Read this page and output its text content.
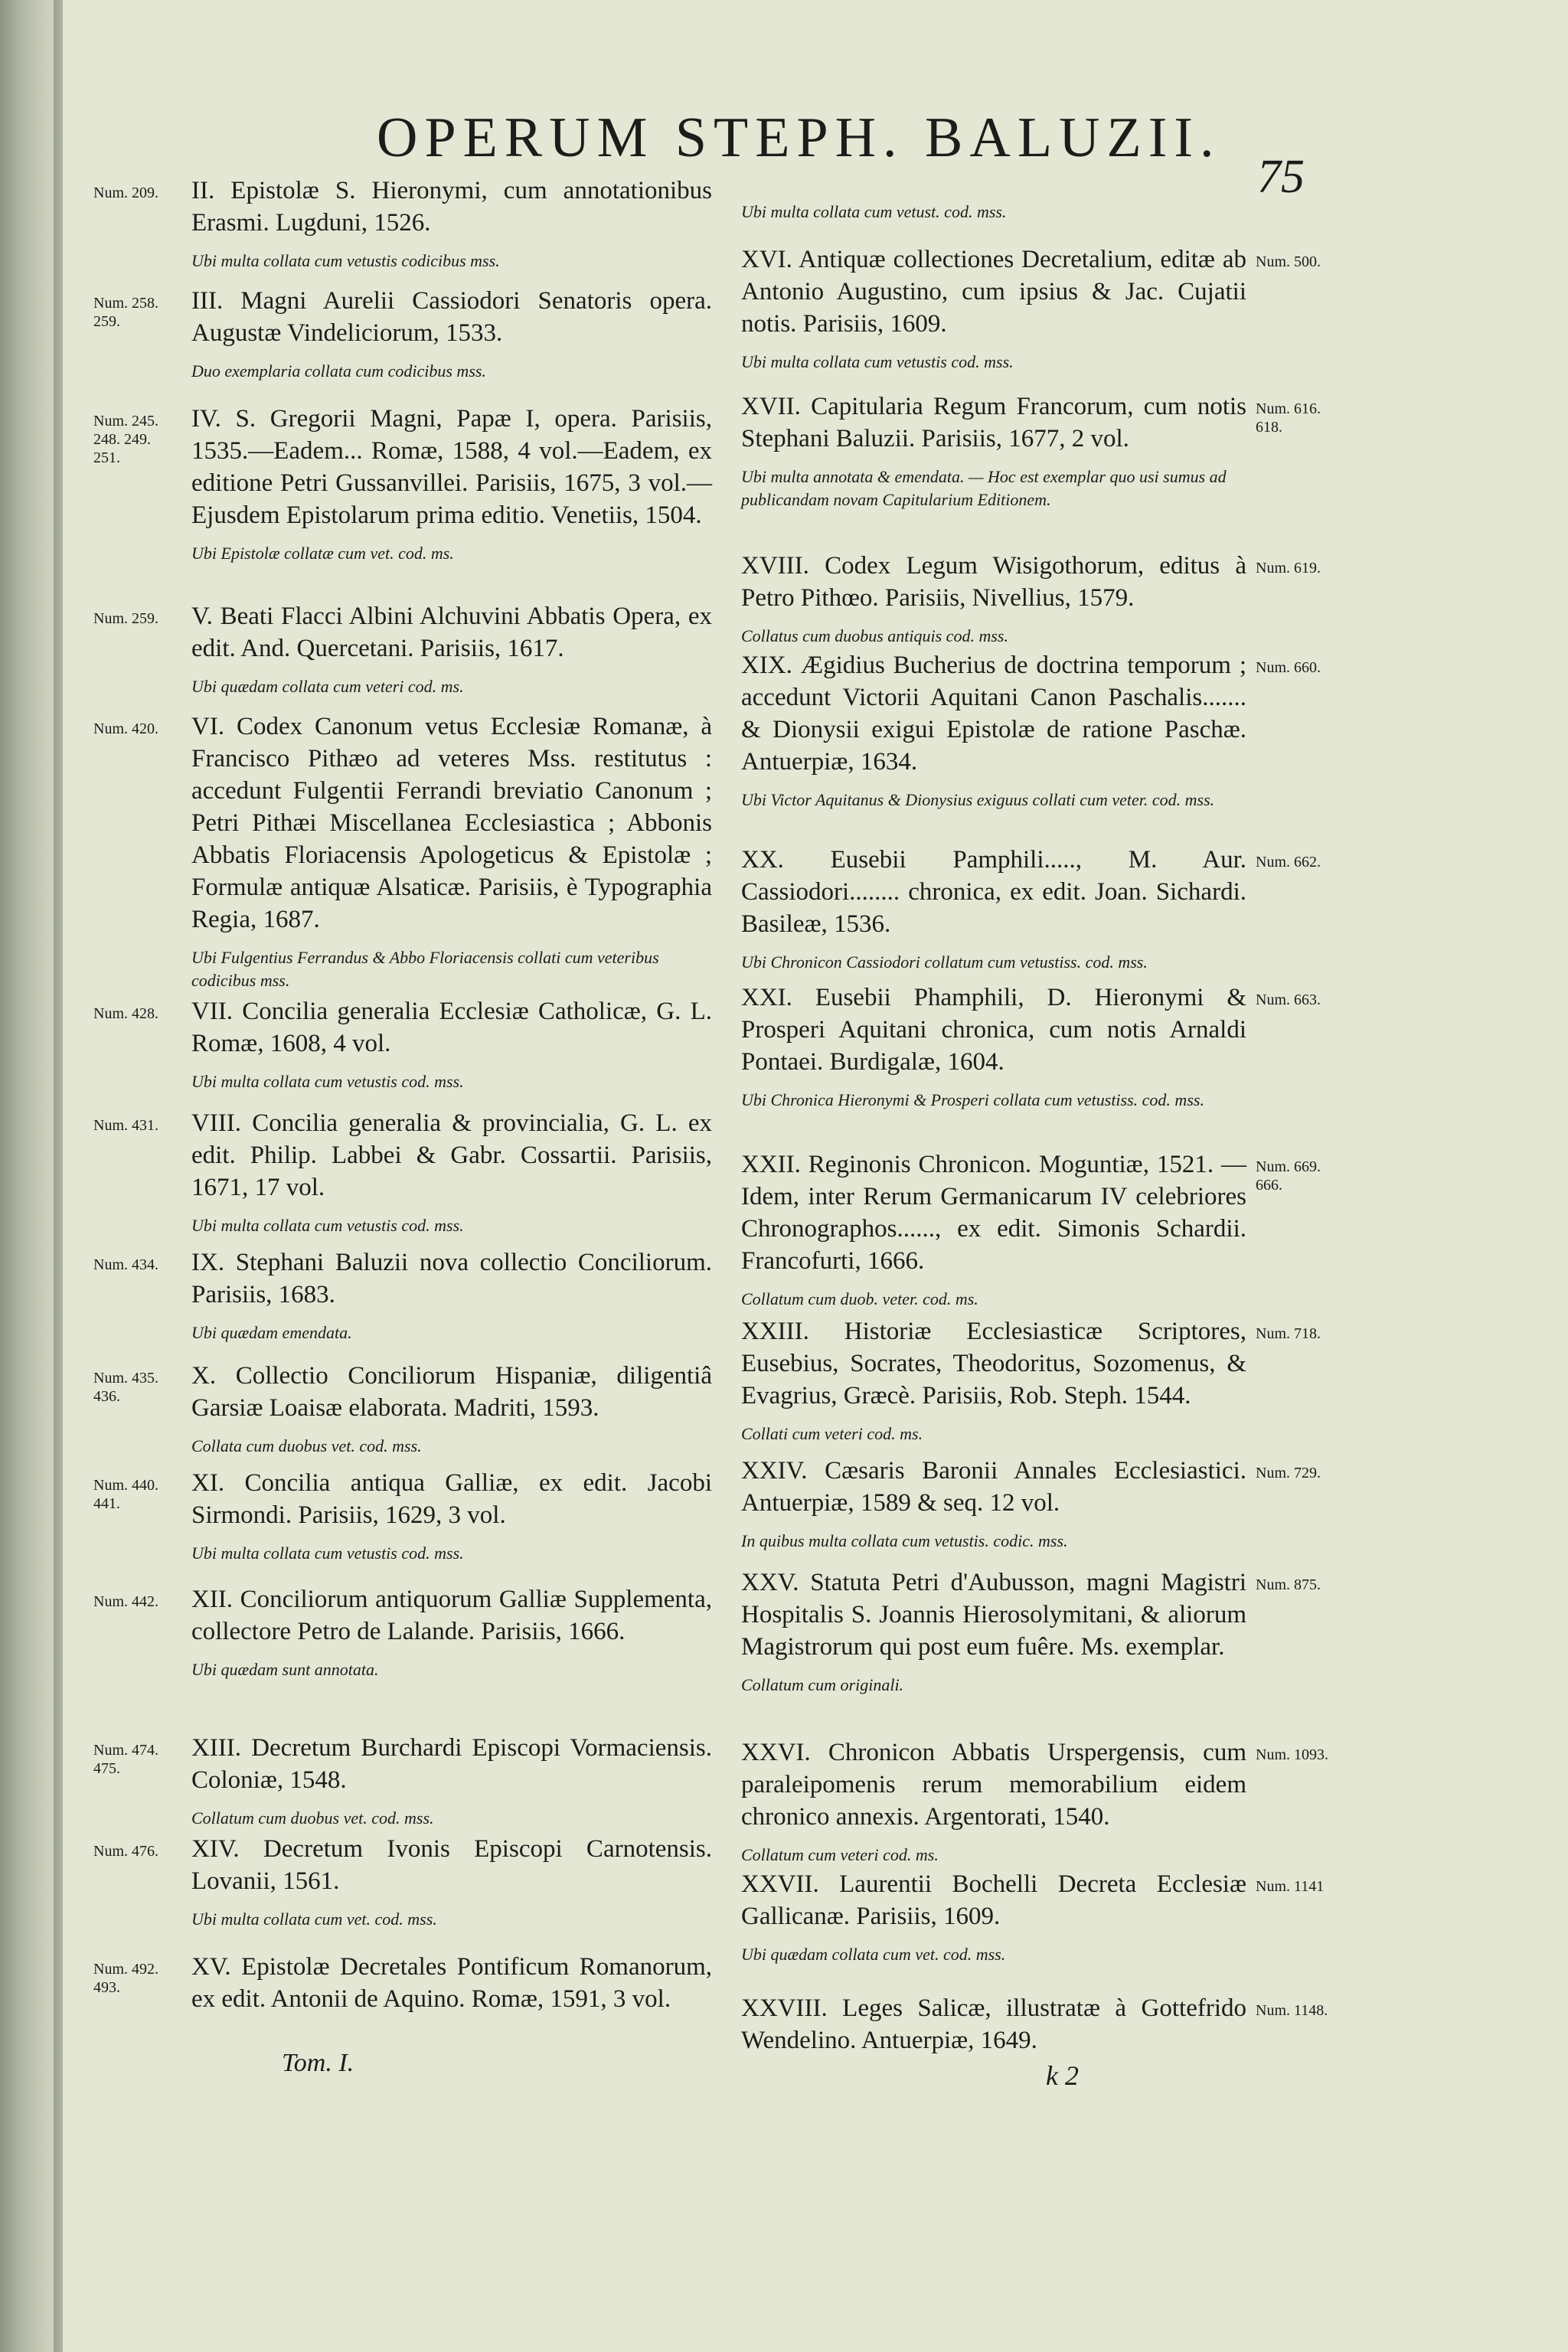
OPERUM STEPH. BALUZII.
75
Num. 209. II. Epistolæ S. Hieronymi, cum annotationibus Erasmi. Lugduni, 1526.
Ubi multa collata cum vetustis codicibus mss.
Num. 258.
259.
III. Magni Aurelii Cassiodori Senatoris opera. Augustæ Vindeliciorum, 1533.
Duo exemplaria collata cum codicibus mss.
Num. 245.
248. 249.
251.
IV. S. Gregorii Magni, Papæ I, opera. Parisiis, 1535.—Eadem... Romæ, 1588, 4 vol.—Eadem, ex editione Petri Gussanvillei. Parisiis, 1675, 3 vol.—Ejusdem Epistolarum prima editio. Venetiis, 1504.
Ubi Epistolæ collatæ cum vet. cod. ms.
Num. 259. V. Beati Flacci Albini Alchuvini Abbatis Opera, ex edit. And. Quercetani. Parisiis, 1617.
Ubi quædam collata cum veteri cod. ms.
Num. 420. VI. Codex Canonum vetus Ecclesiæ Romanæ, à Francisco Pithæo ad veteres Mss. restitutus : accedunt Fulgentii Ferrandi breviatio Canonum ; Petri Pithæi Miscellanea Ecclesiastica ; Abbonis Abbatis Floriacensis Apologeticus & Epistolæ ; Formulæ antiquæ Alsaticæ. Parisiis, è Typographia Regia, 1687.
Ubi Fulgentius Ferrandus & Abbo Floriacensis collati cum veteribus codicibus mss.
Num. 428. VII. Concilia generalia Ecclesiæ Catholicæ, G. L. Romæ, 1608, 4 vol.
Ubi multa collata cum vetustis cod. mss.
Num. 431. VIII. Concilia generalia & provincialia, G. L. ex edit. Philip. Labbei & Gabr. Cossartii. Parisiis, 1671, 17 vol.
Ubi multa collata cum vetustis cod. mss.
Num. 434. IX. Stephani Baluzii nova collectio Conciliorum. Parisiis, 1683.
Ubi quædam emendata.
Num. 435.
436.
X. Collectio Conciliorum Hispaniæ, diligentiâ Garsiæ Loaisæ elaborata. Madriti, 1593.
Collata cum duobus vet. cod. mss.
Num. 440.
441.
XI. Concilia antiqua Galliæ, ex edit. Jacobi Sirmondi. Parisiis, 1629, 3 vol.
Ubi multa collata cum vetustis cod. mss.
Num. 442. XII. Conciliorum antiquorum Galliæ Supplementa, collectore Petro de Lalande. Parisiis, 1666.
Ubi quædam sunt annotata.
Num. 474.
475.
XIII. Decretum Burchardi Episcopi Vormaciensis. Coloniæ, 1548.
Collatum cum duobus vet. cod. mss.
Num. 476. XIV. Decretum Ivonis Episcopi Carnotensis. Lovanii, 1561.
Ubi multa collata cum vet. cod. mss.
Num. 492.
493.
XV. Epistolæ Decretales Pontificum Romanorum, ex edit. Antonii de Aquino. Romæ, 1591, 3 vol.
Ubi multa collata cum vetust. cod. mss.
Num. 500.
XVI. Antiquæ collectiones Decretalium, editæ ab Antonio Augustino, cum ipsius & Jac. Cujatii notis. Parisiis, 1609.
Ubi multa collata cum vetustis cod. mss.
Num. 616.
618.
XVII. Capitularia Regum Francorum, cum notis Stephani Baluzii. Parisiis, 1677, 2 vol.
Ubi multa annotata & emendata. — Hoc est exemplar quo usi sumus ad publicandam novam Capitularium Editionem.
Num. 619.
XVIII. Codex Legum Wisigothorum, editus à Petro Pithœo. Parisiis, Nivellius, 1579.
Collatus cum duobus antiquis cod. mss.
Num. 660.
XIX. Ægidius Bucherius de doctrina temporum ; accedunt Victorii Aquitani Canon Paschalis....... & Dionysii exigui Epistolæ de ratione Paschæ. Antuerpiæ, 1634.
Ubi Victor Aquitanus & Dionysius exiguus collati cum veter. cod. mss.
Num. 662.
XX. Eusebii Pamphili....., M. Aur. Cassiodori........ chronica, ex edit. Joan. Sichardi. Basileæ, 1536.
Ubi Chronicon Cassiodori collatum cum vetustiss. cod. mss.
Num. 663.
XXI. Eusebii Phamphili, D. Hieronymi & Prosperi Aquitani chronica, cum notis Arnaldi Pontaei. Burdigalæ, 1604.
Ubi Chronica Hieronymi & Prosperi collata cum vetustiss. cod. mss.
Num. 669.
666.
XXII. Reginonis Chronicon. Moguntiæ, 1521. — Idem, inter Rerum Germanicarum IV celebriores Chronographos......, ex edit. Simonis Schardii. Francofurti, 1666.
Collatum cum duob. veter. cod. ms.
Num. 718.
XXIII. Historiæ Ecclesiasticæ Scriptores, Eusebius, Socrates, Theodoritus, Sozomenus, & Evagrius, Græcè. Parisiis, Rob. Steph. 1544.
Collati cum veteri cod. ms.
Num. 729.
XXIV. Cæsaris Baronii Annales Ecclesiastici. Antuerpiæ, 1589 & seq. 12 vol.
In quibus multa collata cum vetustis. codic. mss.
Num. 875.
XXV. Statuta Petri d'Aubusson, magni Magistri Hospitalis S. Joannis Hierosolymitani, & aliorum Magistrorum qui post eum fuêre. Ms. exemplar.
Collatum cum originali.
Num. 1093.
XXVI. Chronicon Abbatis Urspergensis, cum paraleipomenis rerum memorabilium eidem chronico annexis. Argentorati, 1540.
Collatum cum veteri cod. ms.
Num. 1141
XXVII. Laurentii Bochelli Decreta Ecclesiæ Gallicanæ. Parisiis, 1609.
Ubi quædam collata cum vet. cod. mss.
Num. 1148.
XXVIII. Leges Salicæ, illustratæ à Gottefrido Wendelino. Antuerpiæ, 1649.
Tom. I.	k 2
